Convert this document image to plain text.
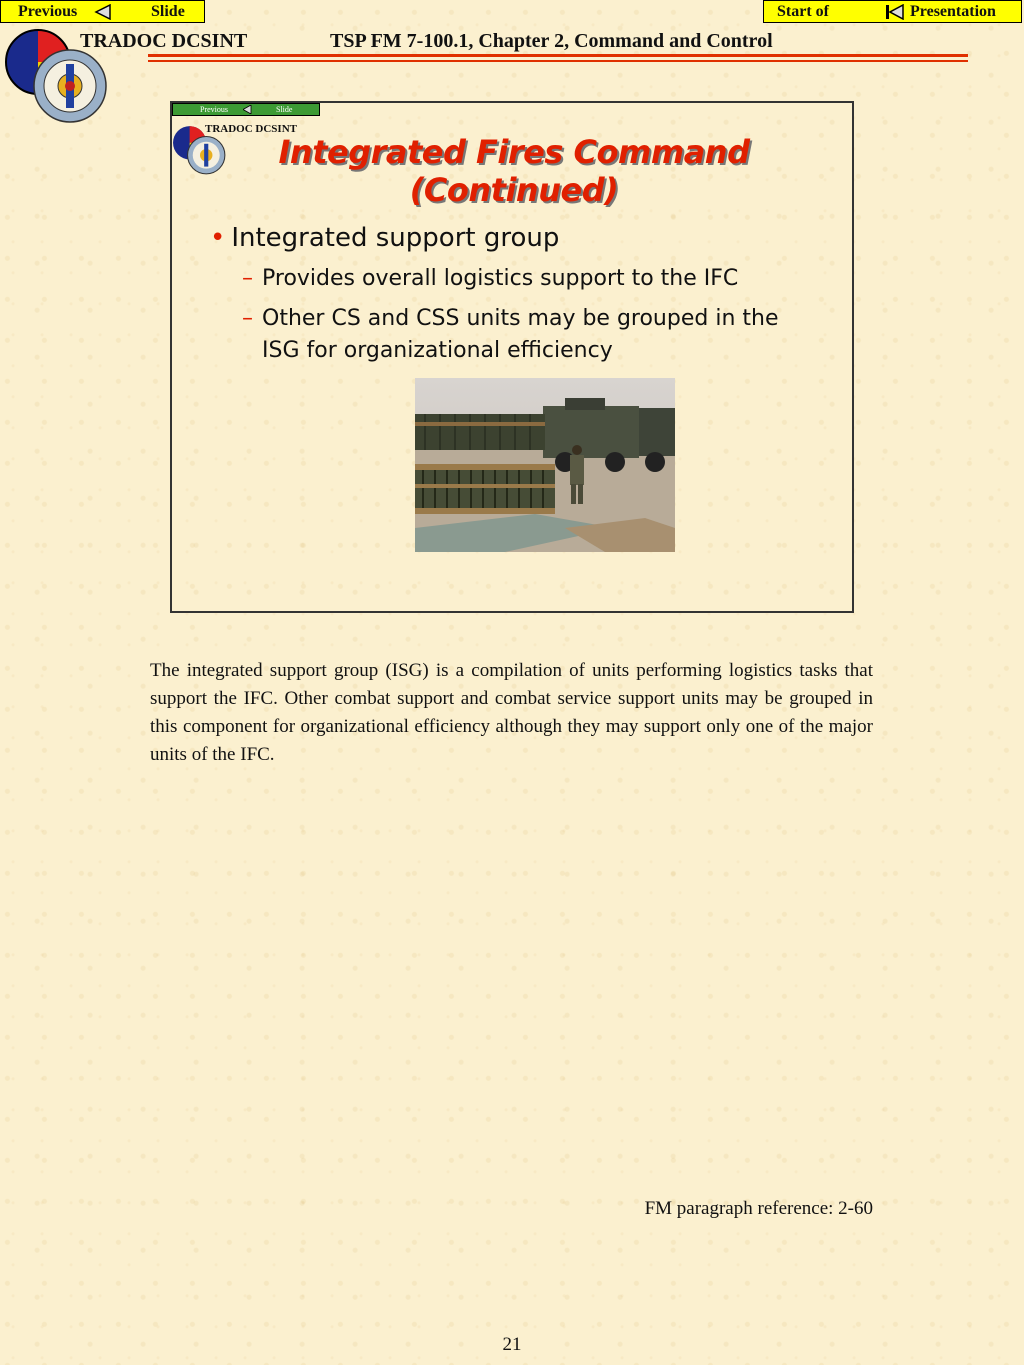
Previous	Slide	Start of	Presentation
TRADOC DCSINT	TSP FM 7-100.1, Chapter 2, Command and Control
Previous	Slide
TRADOC DCSINT
Integrated Fires Command
(Continued)
• Integrated support group
– Provides overall logistics support to the IFC
– Other CS and CSS units may be grouped in the ISG for organizational efficiency

The integrated support group (ISG) is a compilation of units performing logistics tasks that support the IFC. Other combat support and combat service support units may be grouped in this component for organizational efficiency although they may support only one of the major units of the IFC.

FM paragraph reference: 2-60
21
